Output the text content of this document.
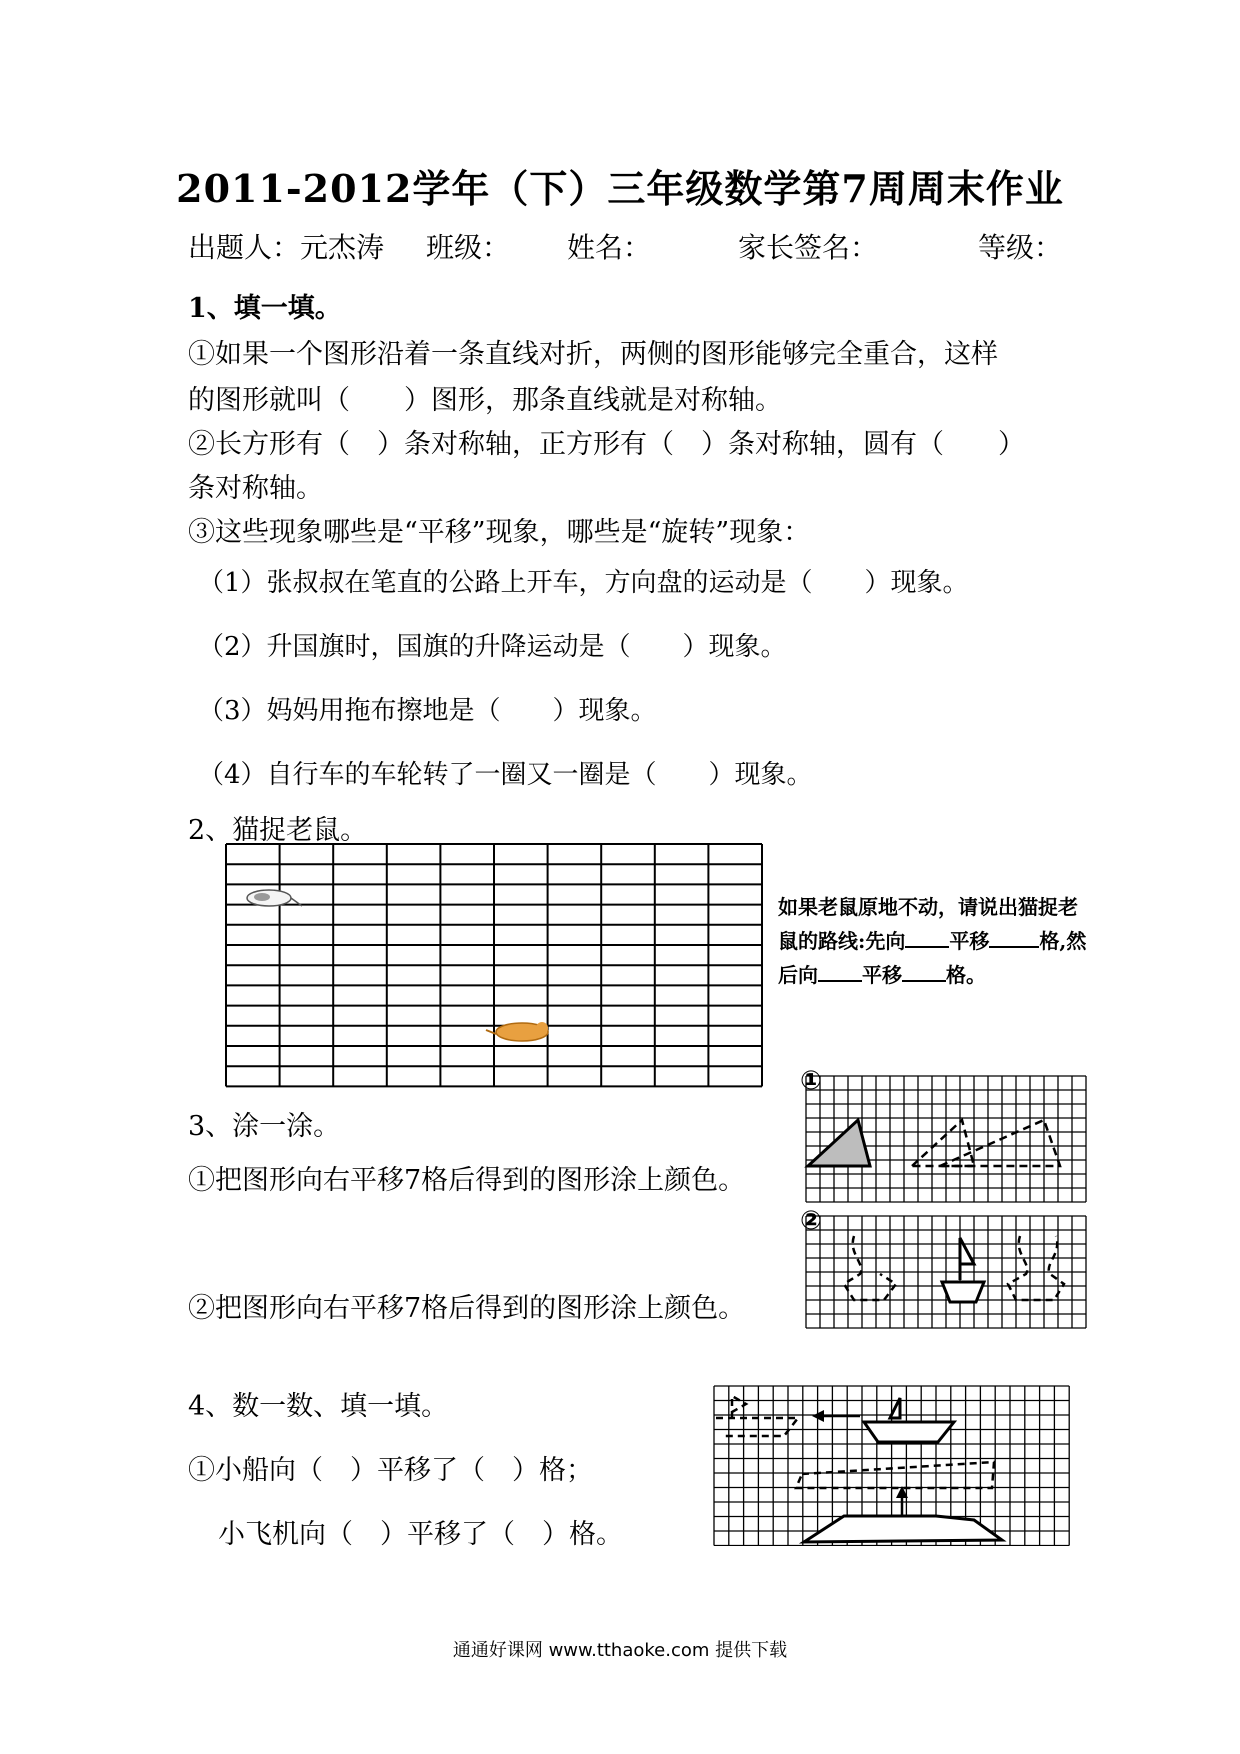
2011-2012学年（下）三年级数学第7周周末作业
出题人：元杰涛 班级： 姓名：	家长签名：	等级：
1、填一填。
①如果一个图形沿着一条直线对折，两侧的图形能够完全重合，这样
的图形就叫（　　）图形，那条直线就是对称轴。
②长方形有（　）条对称轴，正方形有（　）条对称轴，圆有（　　）
条对称轴。
③这些现象哪些是“平移”现象，哪些是“旋转”现象：
（1）张叔叔在笔直的公路上开车，方向盘的运动是（　　）现象。
（2）升国旗时，国旗的升降运动是（　　）现象。
（3）妈妈用拖布擦地是（　　）现象。
（4）自行车的车轮转了一圈又一圈是（　　）现象。
2、猫捉老鼠。
如果老鼠原地不动，请说出猫捉老
鼠的路线:先向 平移	格,然
后向 平移 格。
3、涂一涂。
①把图形向右平移7格后得到的图形涂上颜色。
②把图形向右平移7格后得到的图形涂上颜色。
①
②
4、数一数、填一填。
①小船向（　）平移了（　）格；
小飞机向（　）平移了（　）格。
通通好课网 www.tthaoke.com 提供下载
